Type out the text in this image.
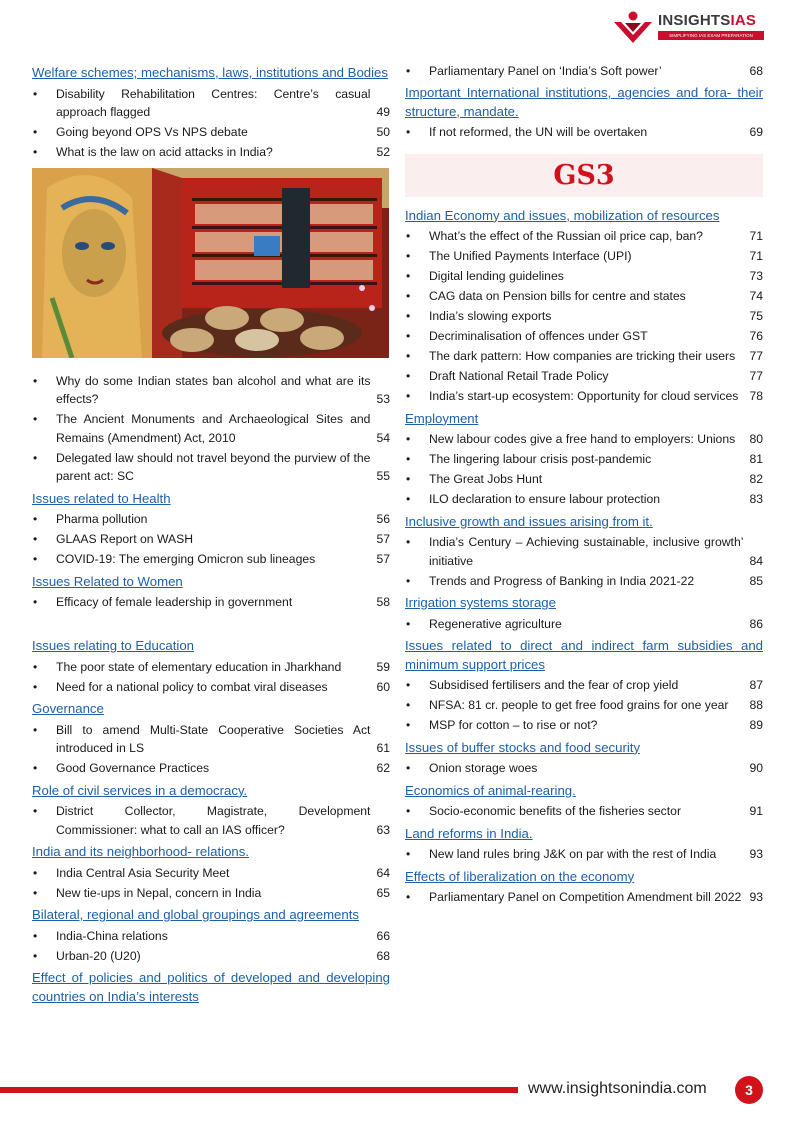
INSIGHTSIAS
SIMPLIFYING IAS EXAM PREPARATION
Welfare schemes; mechanisms, laws, institutions and Bodies
• Disability Rehabilitation Centres: Centre’s casual approach flagged	49
• Going beyond OPS Vs NPS debate	50
• What is the law on acid attacks in India?	52
• Why do some Indian states ban alcohol and what are its effects?	53
• The Ancient Monuments and Archaeological Sites and Remains (Amendment) Act, 2010	54
• Delegated law should not travel beyond the purview of the parent act: SC	55
Issues related to Health
• Pharma pollution	56
• GLAAS Report on WASH	57
• COVID-19: The emerging Omicron sub lineages	57
Issues Related to Women
• Efficacy of female leadership in government	58
Issues relating to Education
• The poor state of elementary education in Jharkhand	59
• Need for a national policy to combat viral diseases	60
Governance
• Bill to amend Multi-State Cooperative Societies Act introduced in LS	61
• Good Governance Practices	62
Role of civil services in a democracy.
• District Collector, Magistrate, Development Commissioner: what to call an IAS officer?	63
India and its neighborhood- relations.
• India Central Asia Security Meet	64
• New tie-ups in Nepal, concern in India	65
Bilateral, regional and global groupings and agreements
• India-China relations	66
• Urban-20 (U20)	68
Effect of policies and politics of developed and developing countries on India’s interests
• Parliamentary Panel on ‘India’s Soft power’	68
Important International institutions, agencies and fora- their structure, mandate.
• If not reformed, the UN will be overtaken	69
GS3
Indian Economy and issues, mobilization of resources
• What’s the effect of the Russian oil price cap, ban?	71
• The Unified Payments Interface (UPI)	71
• Digital lending guidelines	73
• CAG data on Pension bills for centre and states	74
• India’s slowing exports	75
• Decriminalisation of offences under GST	76
• The dark pattern: How companies are tricking their users	77
• Draft National Retail Trade Policy	77
• India’s start-up ecosystem: Opportunity for cloud services 78
Employment
• New labour codes give a free hand to employers: Unions	80
• The lingering labour crisis post-pandemic	81
• The Great Jobs Hunt	82
• ILO declaration to ensure labour protection	83
Inclusive growth and issues arising from it.
• India’s Century – Achieving sustainable, inclusive growth’ initiative	84
• Trends and Progress of Banking in India 2021-22	85
Irrigation systems storage
• Regenerative agriculture	86
Issues related to direct and indirect farm subsidies and minimum support prices
• Subsidised fertilisers and the fear of crop yield	87
• NFSA: 81 cr. people to get free food grains for one year	88
• MSP for cotton – to rise or not?	89
Issues of buffer stocks and food security
• Onion storage woes	90
Economics of animal-rearing.
• Socio-economic benefits of the fisheries sector	91
Land reforms in India.
• New land rules bring J&K on par with the rest of India	93
Effects of liberalization on the economy
• Parliamentary Panel on Competition Amendment bill 2022 93
www.insightsonindia.com	3
